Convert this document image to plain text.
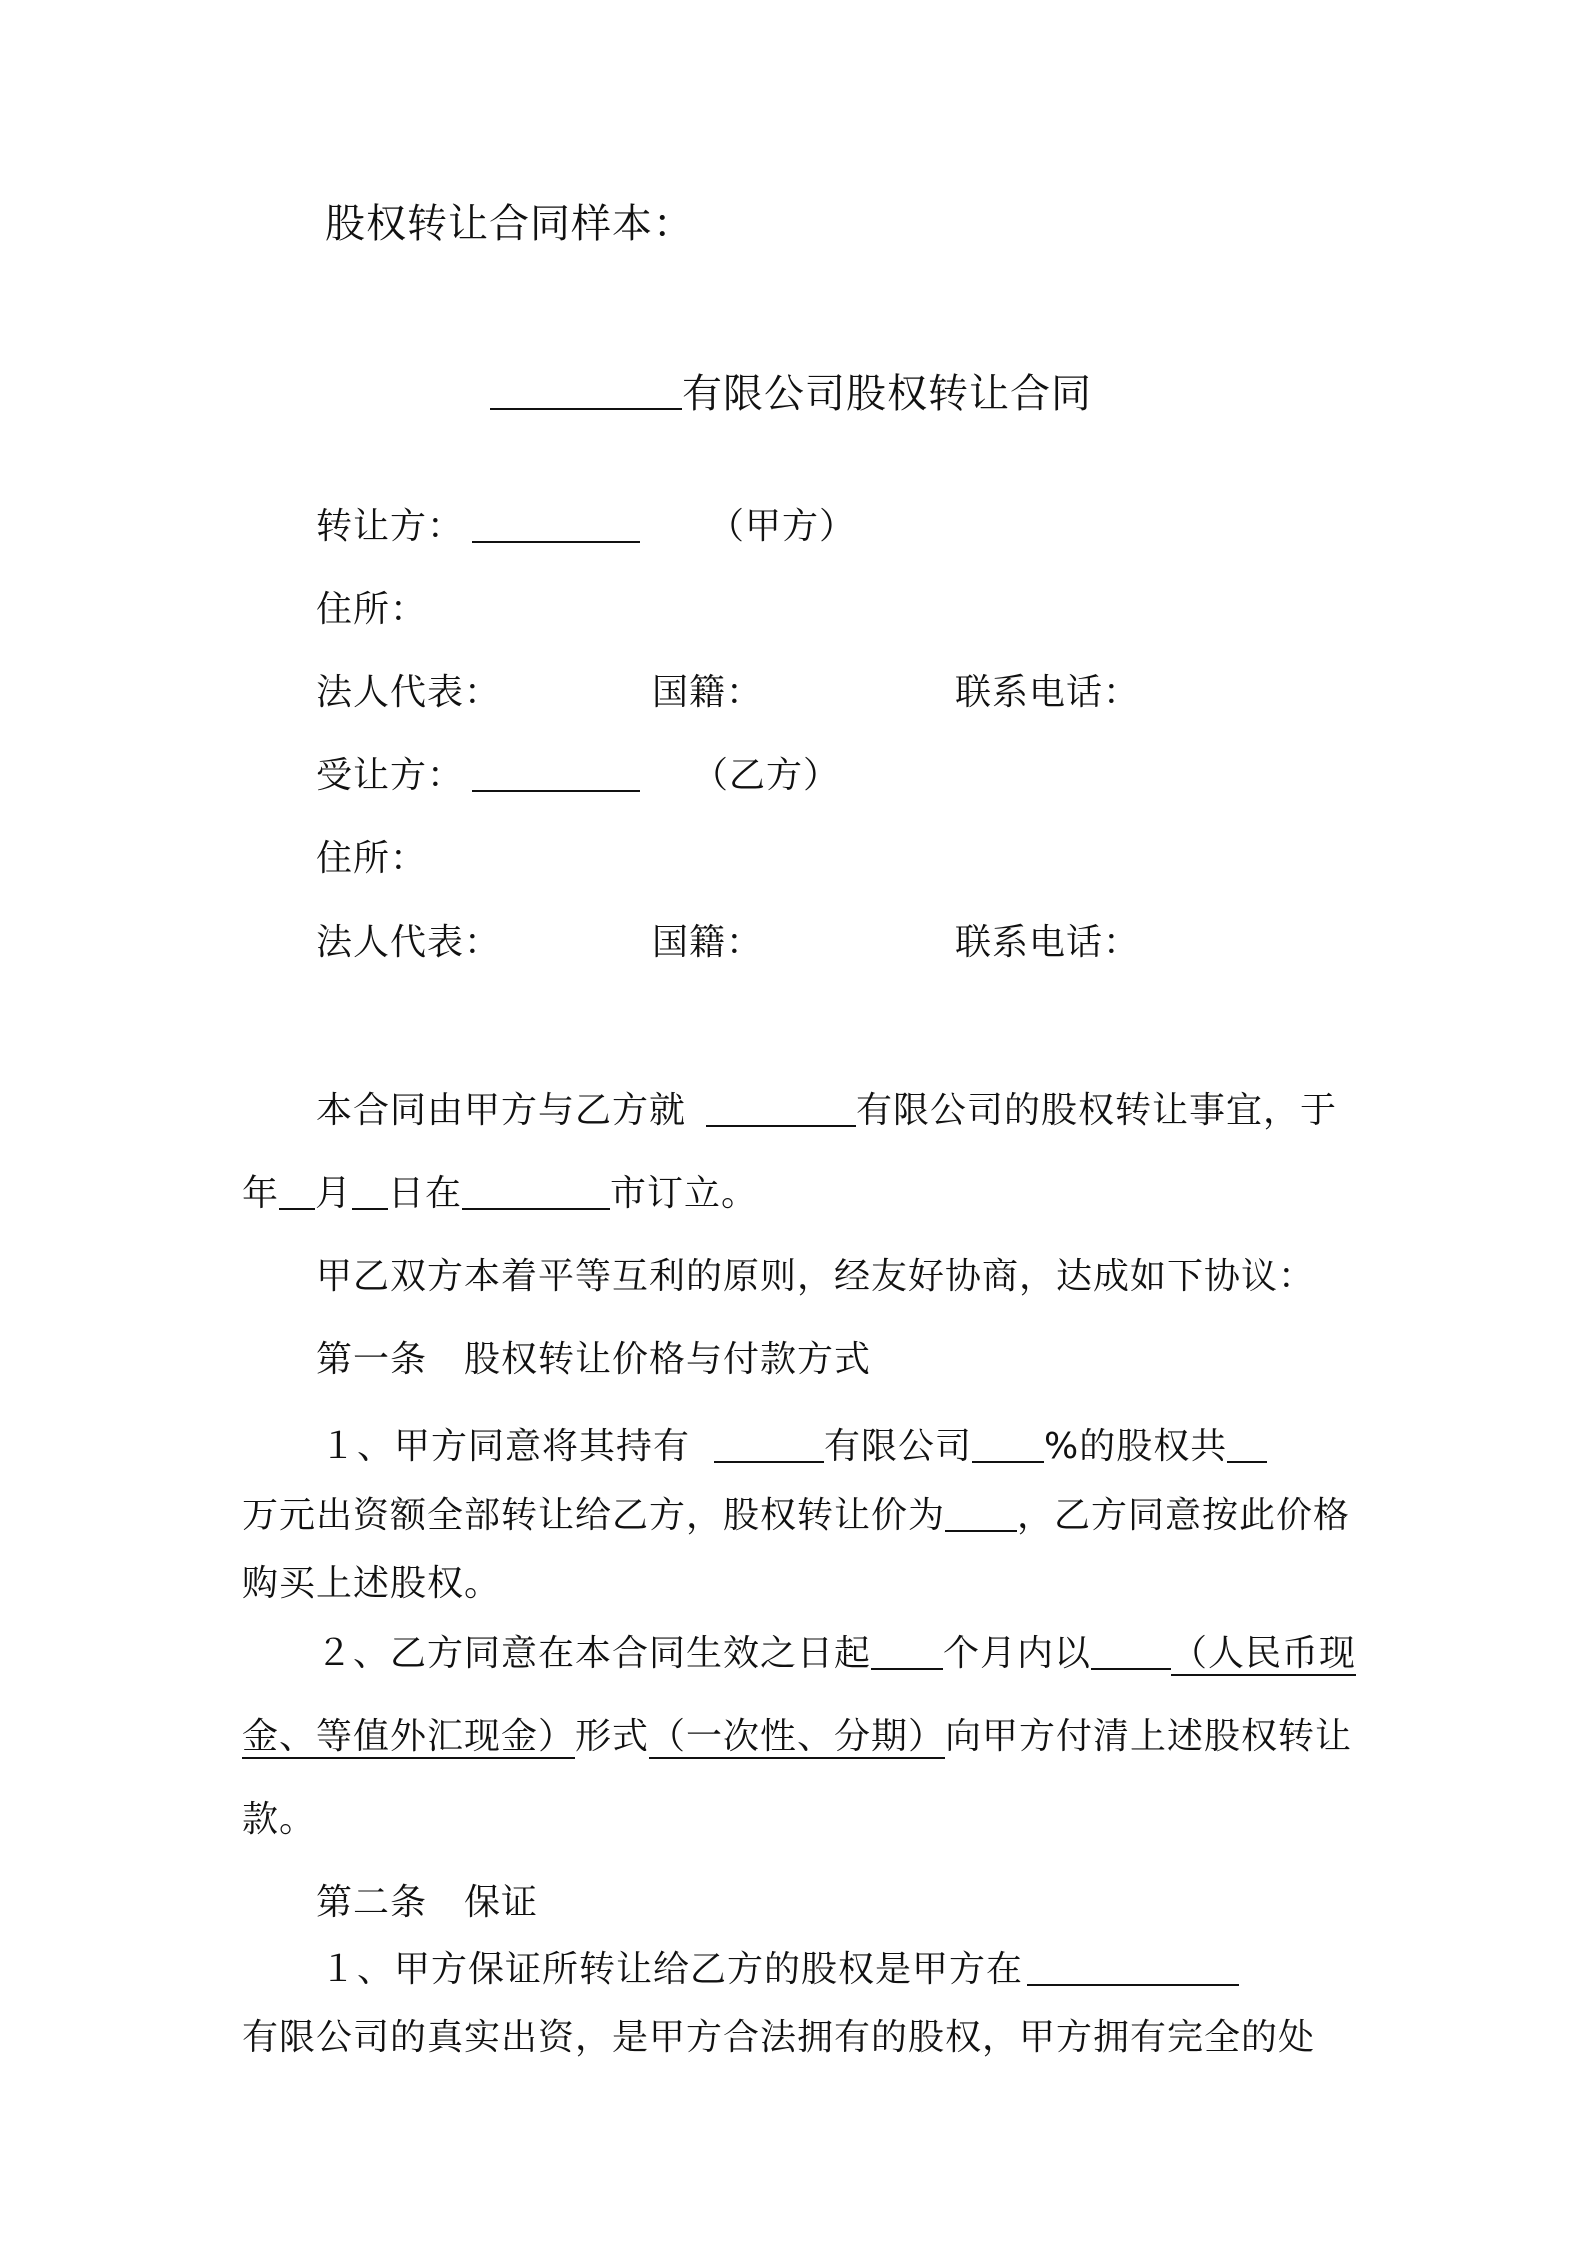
股权转让合同样本：
有限公司股权转让合同
转让方：	（甲方）
住所：
法人代表：	国籍：	联系电话：
受让方：	（乙方）
住所：
法人代表：	国籍：	联系电话：
本合同由甲方与乙方就	有限公司的股权转让事宜，于
年 月 日在	市订立。
甲乙双方本着平等互利的原则，经友好协商，达成如下协议：
第一条　股权转让价格与付款方式
１、甲方同意将其持有	有限公司 %的股权共
万元出资额全部转让给乙方，股权转让价为 ，乙方同意按此价格
购买上述股权。
２、乙方同意在本合同生效之日起 个月内以 （人民币现
金、等值外汇现金）形式（一次性、分期）向甲方付清上述股权转让
款。
第二条　保证
１、甲方保证所转让给乙方的股权是甲方在
有限公司的真实出资，是甲方合法拥有的股权，甲方拥有完全的处
